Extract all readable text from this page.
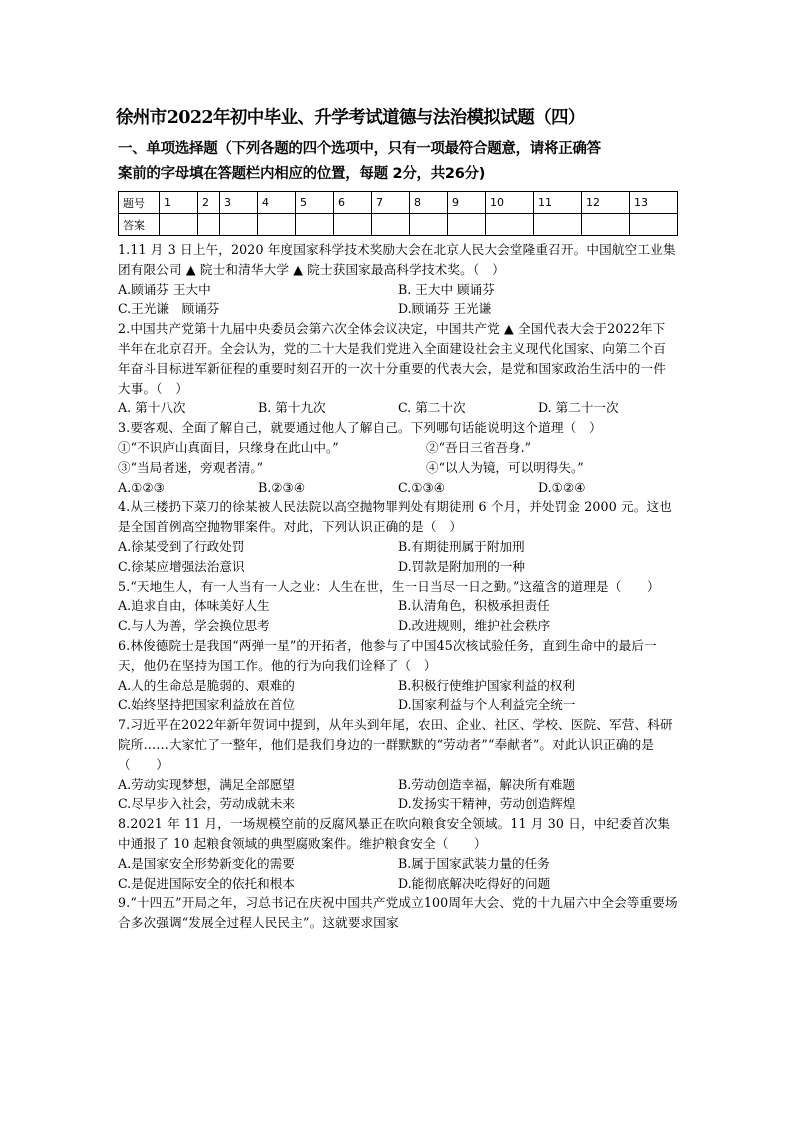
徐州市2022年初中毕业、升学考试道德与法治模拟试题（四）

一、单项选择题（下列各题的四个选项中，只有一项最符合题意，请将正确答

案前的字母填在答题栏内相应的位置，每题 2分，共26分)

题号	1	2	3	4	5	6	7	8	9	10	11	12	13
答案													

1.11 月 3 日上午，2020 年度国家科学技术奖励大会在北京人民大会堂隆重召开。中国航空工业集团有限公司 ▲ 院士和清华大学 ▲ 院士获国家最高科学技术奖。（　）

A.顾诵芬 王大中	B. 王大中 顾诵芬
C.王光谦　顾诵芬	D.顾诵芬 王光谦

2.中国共产党第十九届中央委员会第六次全体会议决定，中国共产党 ▲ 全国代表大会于2022年下半年在北京召开。全会认为，党的二十大是我们党进入全面建设社会主义现代化国家、向第二个百年奋斗目标进军新征程的重要时刻召开的一次十分重要的代表大会，是党和国家政治生活中的一件大事。（　）

A. 第十八次	B. 第十九次	C. 第二十次	D. 第二十一次

3.要客观、全面了解自己，就要通过他人了解自己。下列哪句话能说明这个道理（　）

①“不识庐山真面目，只缘身在此山中。”	②“吾日三省吾身.”
③“当局者迷，旁观者清。”	④“以人为镜，可以明得失。”
A.①②③	B.②③④	C.①③④	D.①②④

4.从三楼扔下菜刀的徐某被人民法院以高空抛物罪判处有期徒刑 6 个月，并处罚金 2000 元。这也是全国首例高空抛物罪案件。对此，下列认识正确的是（　）

A.徐某受到了行政处罚	B.有期徒刑属于附加刑
C.徐某应增强法治意识	D.罚款是附加刑的一种

5.“天地生人，有一人当有一人之业：人生在世，生一日当尽一日之勤。”这蕴含的道理是（　　）

A.追求自由，体味美好人生	B.认清角色，积极承担责任
C.与人为善，学会换位思考	D.改进规则，维护社会秩序

6.林俊德院士是我国“两弹一星”的开拓者，他参与了中国45次核试验任务，直到生命中的最后一天，他仍在坚持为国工作。他的行为向我们诠释了（　）

A.人的生命总是脆弱的、艰难的	B.积极行使维护国家利益的权利
C.始终坚持把国家利益放在首位	D.国家利益与个人利益完全统一

7.习近平在2022年新年贺词中提到，从年头到年尾，农田、企业、社区、学校、医院、军营、科研院所……大家忙了一整年，他们是我们身边的一群默默的“劳动者”“奉献者”。对此认识正确的是（　　）

A.劳动实现梦想，满足全部愿望	B.劳动创造幸福，解决所有难题
C.尽早步入社会，劳动成就未来	D.发扬实干精神，劳动创造辉煌

8.2021 年 11 月，一场规模空前的反腐风暴正在吹向粮食安全领域。11 月 30 日，中纪委首次集中通报了 10 起粮食领域的典型腐败案件。维护粮食安全（　　）

A.是国家安全形势新变化的需要	B.属于国家武装力量的任务
C.是促进国际安全的依托和根本	D.能彻底解决吃得好的问题

9.“十四五”开局之年，习总书记在庆祝中国共产党成立100周年大会、党的十九届六中全会等重要场合多次强调“发展全过程人民民主”。这就要求国家
